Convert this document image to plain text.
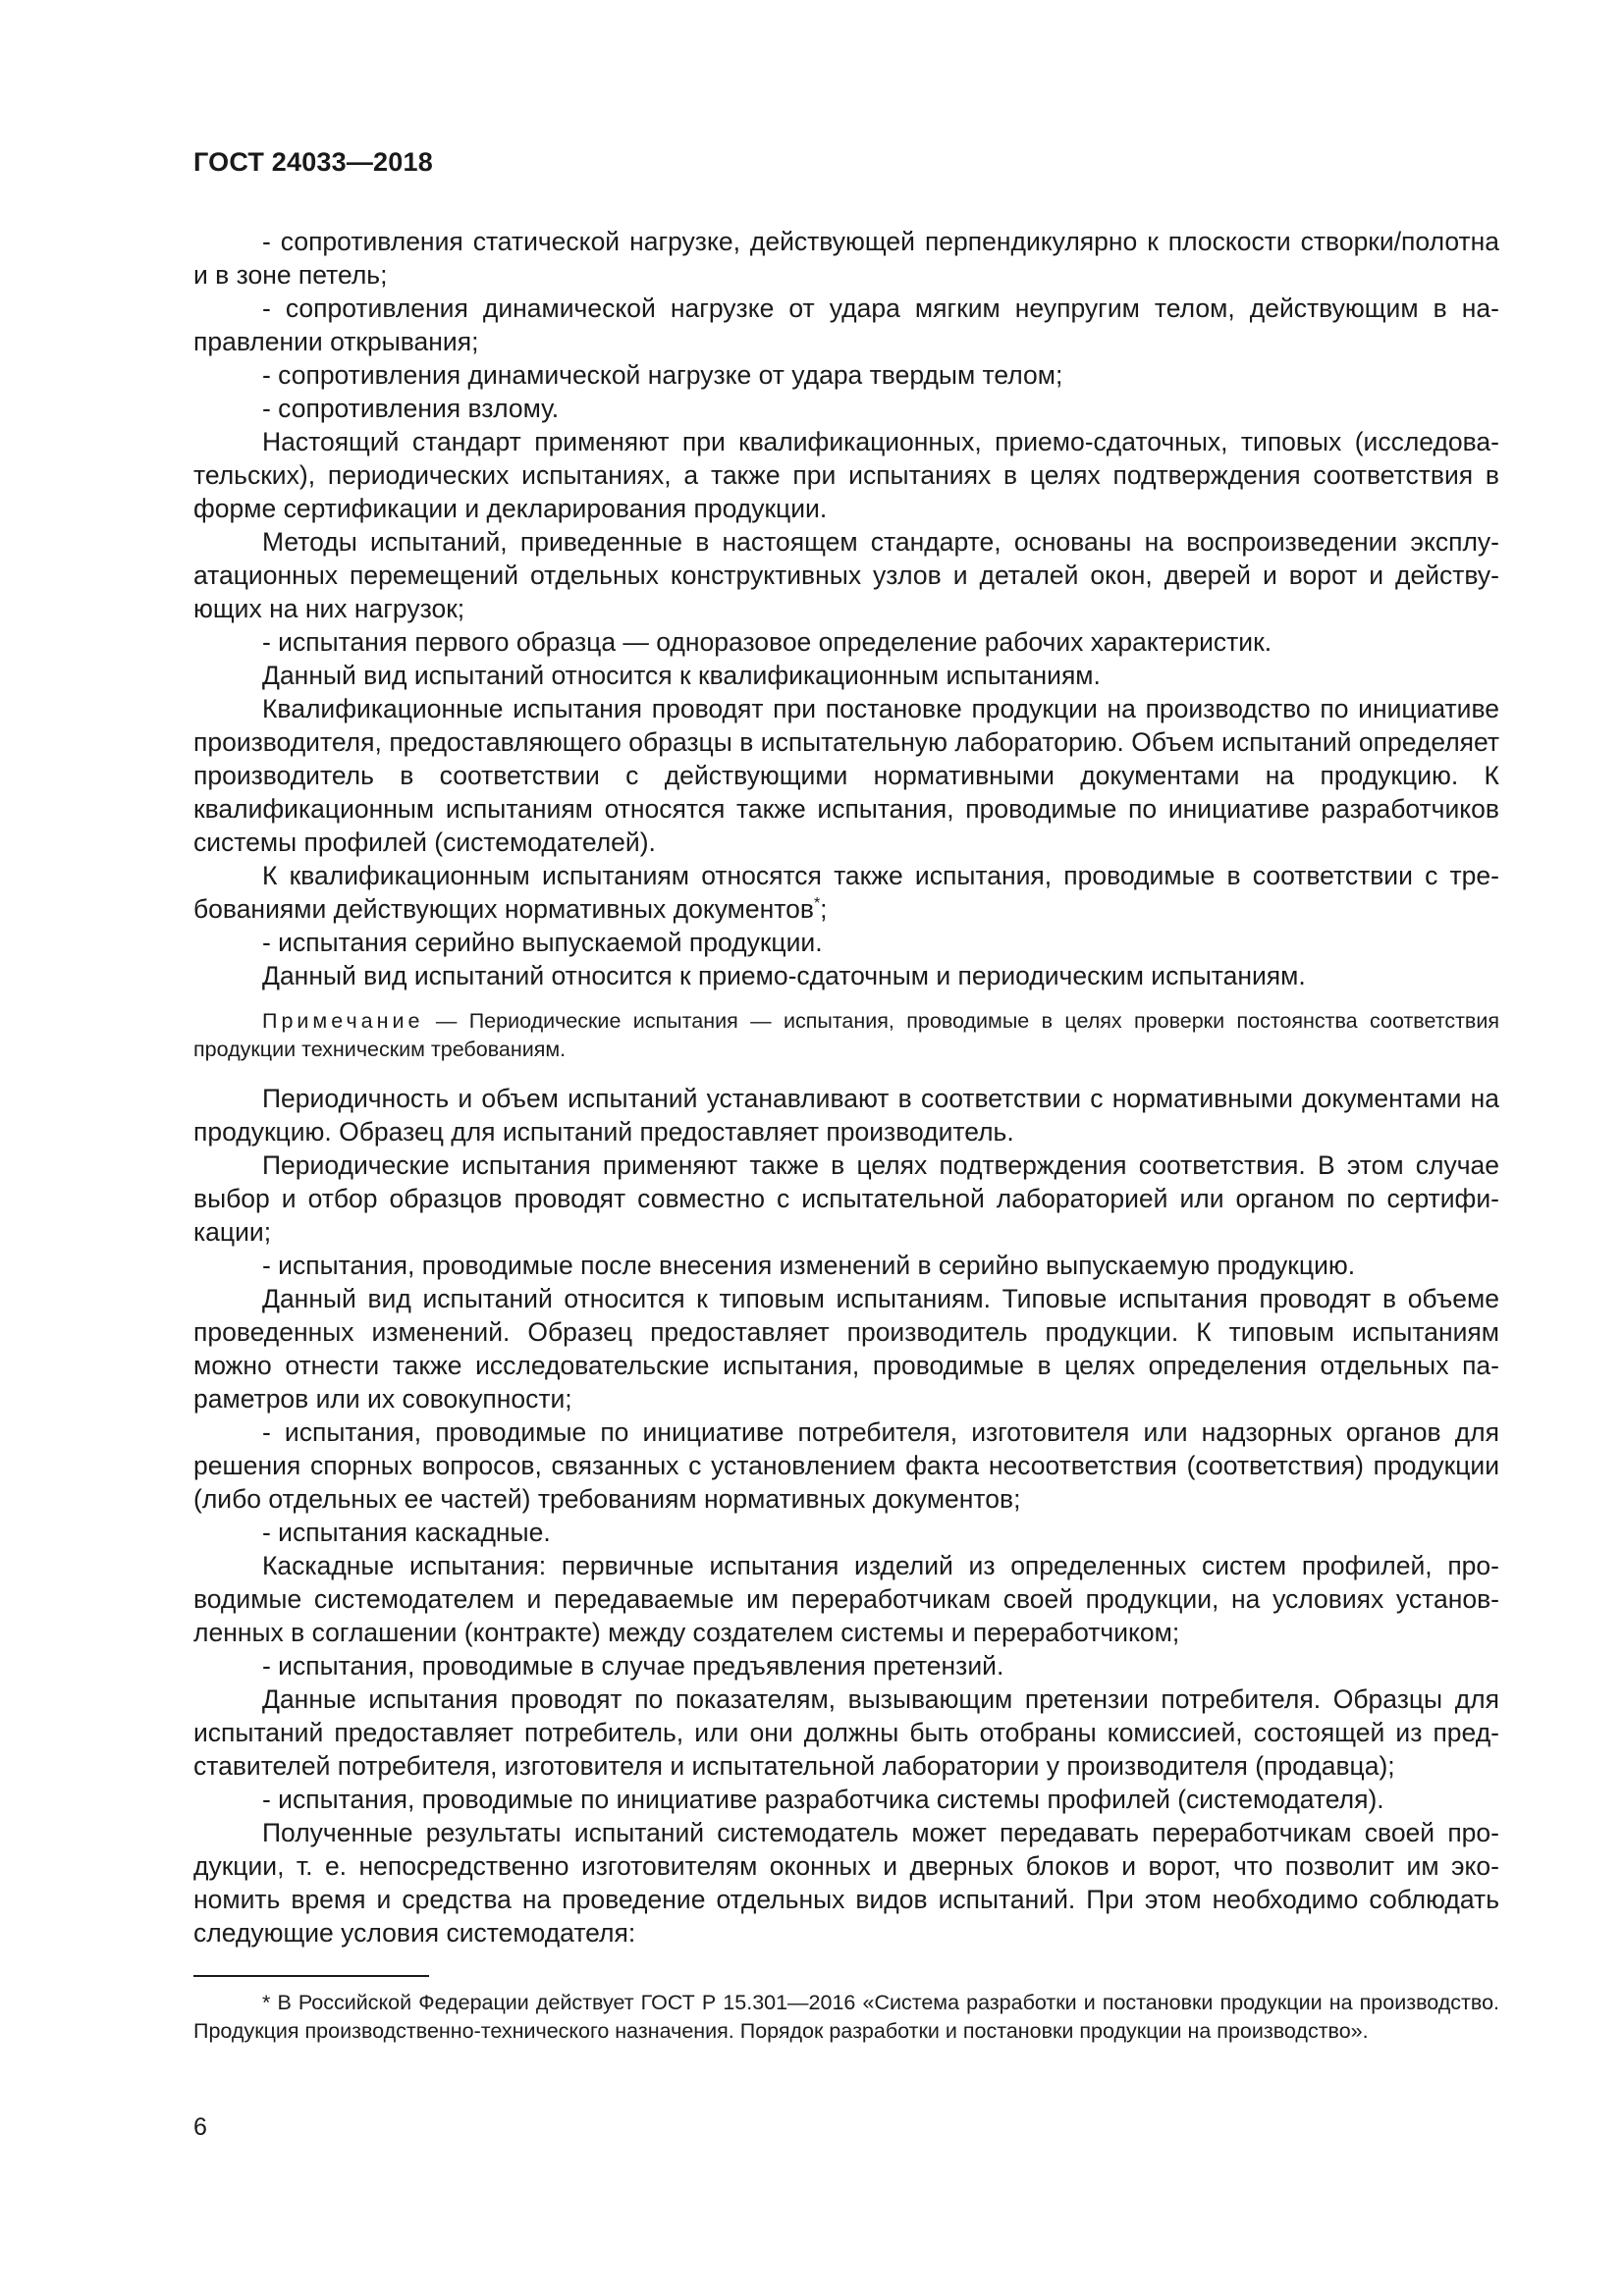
ГОСТ 24033—2018

- сопротивления статической нагрузке, действующей перпендикулярно к плоскости створки/полотна и в зоне петель;

- сопротивления динамической нагрузке от удара мягким неупругим телом, действующим в направлении открывания;

- сопротивления динамической нагрузке от удара твердым телом;

- сопротивления взлому.

Настоящий стандарт применяют при квалификационных, приемо-сдаточных, типовых (исследовательских), периодических испытаниях, а также при испытаниях в целях подтверждения соответствия в форме сертификации и декларирования продукции.

Методы испытаний, приведенные в настоящем стандарте, основаны на воспроизведении эксплуатационных перемещений отдельных конструктивных узлов и деталей окон, дверей и ворот и действующих на них нагрузок;

- испытания первого образца — одноразовое определение рабочих характеристик.

Данный вид испытаний относится к квалификационным испытаниям.

Квалификационные испытания проводят при постановке продукции на производство по инициативе производителя, предоставляющего образцы в испытательную лабораторию. Объем испытаний определяет производитель в соответствии с действующими нормативными документами на продукцию. К квалификационным испытаниям относятся также испытания, проводимые по инициативе разработчиков системы профилей (системодателей).

К квалификационным испытаниям относятся также испытания, проводимые в соответствии с требованиями действующих нормативных документов*;

- испытания серийно выпускаемой продукции.

Данный вид испытаний относится к приемо-сдаточным и периодическим испытаниям.

Примечание — Периодические испытания — испытания, проводимые в целях проверки постоянства соответствия продукции техническим требованиям.

Периодичность и объем испытаний устанавливают в соответствии с нормативными документами на продукцию. Образец для испытаний предоставляет производитель.

Периодические испытания применяют также в целях подтверждения соответствия. В этом случае выбор и отбор образцов проводят совместно с испытательной лабораторией или органом по сертификации;

- испытания, проводимые после внесения изменений в серийно выпускаемую продукцию.

Данный вид испытаний относится к типовым испытаниям. Типовые испытания проводят в объеме проведенных изменений. Образец предоставляет производитель продукции. К типовым испытаниям можно отнести также исследовательские испытания, проводимые в целях определения отдельных параметров или их совокупности;

- испытания, проводимые по инициативе потребителя, изготовителя или надзорных органов для решения спорных вопросов, связанных с установлением факта несоответствия (соответствия) продукции (либо отдельных ее частей) требованиям нормативных документов;

- испытания каскадные.

Каскадные испытания: первичные испытания изделий из определенных систем профилей, проводимые системодателем и передаваемые им переработчикам своей продукции, на условиях установленных в соглашении (контракте) между создателем системы и переработчиком;

- испытания, проводимые в случае предъявления претензий.

Данные испытания проводят по показателям, вызывающим претензии потребителя. Образцы для испытаний предоставляет потребитель, или они должны быть отобраны комиссией, состоящей из представителей потребителя, изготовителя и испытательной лаборатории у производителя (продавца);

- испытания, проводимые по инициативе разработчика системы профилей (системодателя).

Полученные результаты испытаний системодатель может передавать переработчикам своей продукции, т. е. непосредственно изготовителям оконных и дверных блоков и ворот, что позволит им экономить время и средства на проведение отдельных видов испытаний. При этом необходимо соблюдать следующие условия системодателя:

* В Российской Федерации действует ГОСТ Р 15.301—2016 «Система разработки и постановки продукции на производство. Продукция производственно-технического назначения. Порядок разработки и постановки продукции на производство».
6
